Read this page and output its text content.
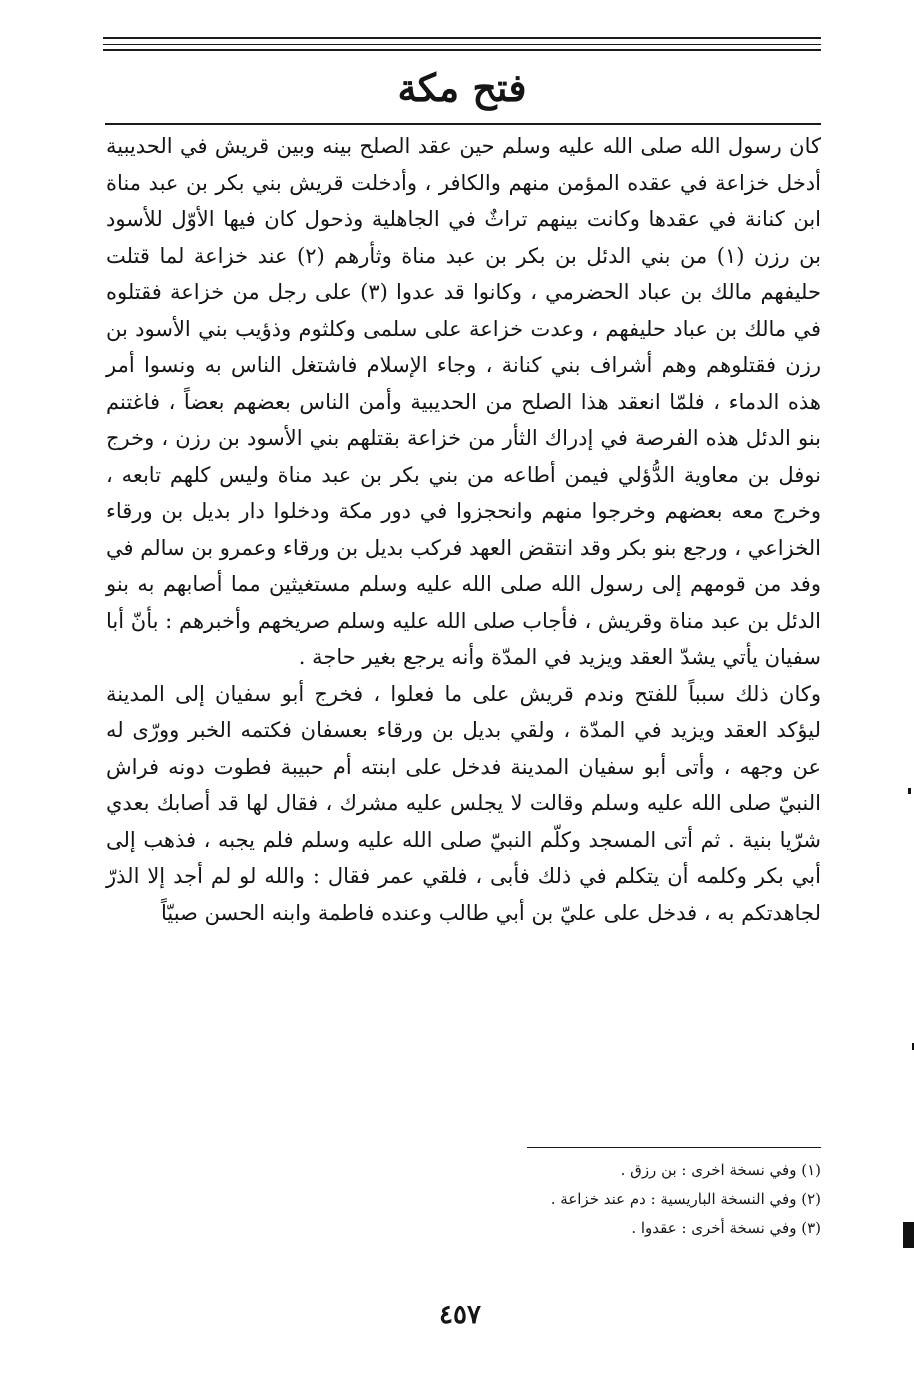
فتح مكة

كان رسول الله صلى الله عليه وسلم حين عقد الصلح بينه وبين قريش في الحديبية أدخل خزاعة في عقده المؤمن منهم والكافر ، وأدخلت قريش بني بكر بن عبد مناة ابن كنانة في عقدها وكانت بينهم تراثٌ في الجاهلية وذحول كان فيها الأوّل للأسود بن رزن (١) من بني الدئل بن بكر بن عبد مناة وثأرهم (٢) عند خزاعة لما قتلت حليفهم مالك بن عباد الحضرمي ، وكانوا قد عدوا (٣) على رجل من خزاعة فقتلوه في مالك بن عباد حليفهم ، وعدت خزاعة على سلمى وكلثوم وذؤيب بني الأسود بن رزن فقتلوهم وهم أشراف بني كنانة ، وجاء الإسلام فاشتغل الناس به ونسوا أمر هذه الدماء ، فلمّا انعقد هذا الصلح من الحديبية وأمن الناس بعضهم بعضاً ، فاغتنم بنو الدئل هذه الفرصة في إدراك الثأر من خزاعة بقتلهم بني الأسود بن رزن ، وخرج نوفل بن معاوية الدُّؤلي فيمن أطاعه من بني بكر بن عبد مناة وليس كلهم تابعه ، وخرج معه بعضهم وخرجوا منهم وانحجزوا في دور مكة ودخلوا دار بديل بن ورقاء الخزاعي ، ورجع بنو بكر وقد انتقض العهد فركب بديل بن ورقاء وعمرو بن سالم في وفد من قومهم إلى رسول الله صلى الله عليه وسلم مستغيثين مما أصابهم به بنو الدئل بن عبد مناة وقريش ، فأجاب صلى الله عليه وسلم صريخهم وأخبرهم : بأنّ أبا سفيان يأتي يشدّ العقد ويزيد في المدّة وأنه يرجع بغير حاجة .

وكان ذلك سبباً للفتح وندم قريش على ما فعلوا ، فخرج أبو سفيان إلى المدينة ليؤكد العقد ويزيد في المدّة ، ولقي بديل بن ورقاء بعسفان فكتمه الخبر وورّى له عن وجهه ، وأتى أبو سفيان المدينة فدخل على ابنته أم حبيبة فطوت دونه فراش النبيّ صلى الله عليه وسلم وقالت لا يجلس عليه مشرك ، فقال لها قد أصابك بعدي شرّيا بنية . ثم أتى المسجد وكلّم النبيّ صلى الله عليه وسلم فلم يجبه ، فذهب إلى أبي بكر وكلمه أن يتكلم في ذلك فأبى ، فلقي عمر فقال : والله لو لم أجد إلا الذرّ لجاهدتكم به ، فدخل على عليّ بن أبي طالب وعنده فاطمة وابنه الحسن صبيّاً

(١) وفي نسخة اخرى : بن رزق .
(٢) وفي النسخة الباريسية : دم عند خزاعة .
(٣) وفي نسخة أخرى : عقدوا .
٤٥٧
